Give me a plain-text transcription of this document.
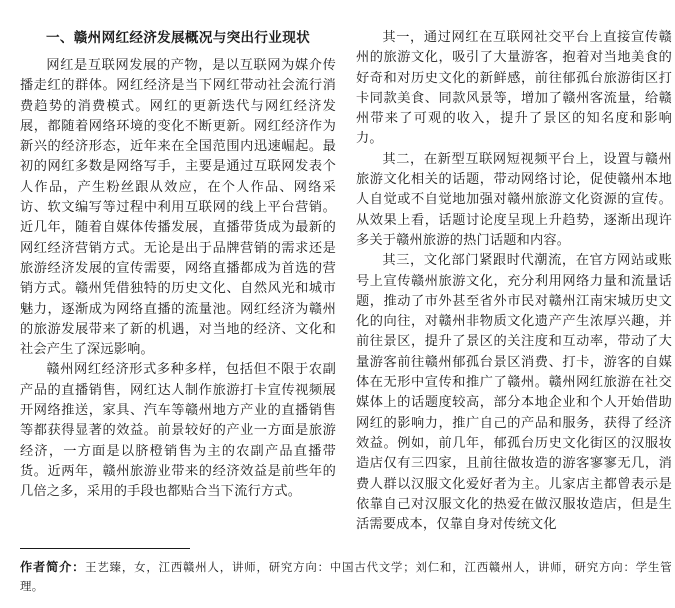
一、赣州网红经济发展概况与突出行业现状

网红是互联网发展的产物，是以互联网为媒介传播走红的群体。网红经济是当下网红带动社会流行消费趋势的消费模式。网红的更新迭代与网红经济发展，都随着网络环境的变化不断更新。网红经济作为新兴的经济形态，近年来在全国范围内迅速崛起。最初的网红多数是网络写手，主要是通过互联网发表个人作品，产生粉丝跟从效应，在个人作品、网络采访、软文编写等过程中利用互联网的线上平台营销。近几年，随着自媒体传播发展，直播带货成为最新的网红经济营销方式。无论是出于品牌营销的需求还是旅游经济发展的宣传需要，网络直播都成为首选的营销方式。赣州凭借独特的历史文化、自然风光和城市魅力，逐渐成为网络直播的流量池。网红经济为赣州的旅游发展带来了新的机遇，对当地的经济、文化和社会产生了深远影响。

赣州网红经济形式多种多样，包括但不限于农副产品的直播销售，网红达人制作旅游打卡宣传视频展开网络推送，家具、汽车等赣州地方产业的直播销售等都获得显著的效益。前景较好的产业一方面是旅游经济，一方面是以脐橙销售为主的农副产品直播带货。近两年，赣州旅游业带来的经济效益是前些年的几倍之多，采用的手段也都贴合当下流行方式。

其一，通过网红在互联网社交平台上直接宣传赣州的旅游文化，吸引了大量游客，抱着对当地美食的好奇和对历史文化的新鲜感，前往郁孤台旅游街区打卡同款美食、同款风景等，增加了赣州客流量，给赣州带来了可观的收入，提升了景区的知名度和影响力。

其二，在新型互联网短视频平台上，设置与赣州旅游文化相关的话题，带动网络讨论，促使赣州本地人自觉或不自觉地加强对赣州旅游文化资源的宣传。从效果上看，话题讨论度呈现上升趋势，逐渐出现许多关于赣州旅游的热门话题和内容。

其三，文化部门紧跟时代潮流，在官方网站或账号上宣传赣州旅游文化，充分利用网络力量和流量话题，推动了市外甚至省外市民对赣州江南宋城历史文化的向往，对赣州非物质文化遗产产生浓厚兴趣，并前往景区，提升了景区的关注度和互动率，带动了大量游客前往赣州郁孤台景区消费、打卡，游客的自媒体在无形中宣传和推广了赣州。赣州网红旅游在社交媒体上的话题度较高，部分本地企业和个人开始借助网红的影响力，推广自己的产品和服务，获得了经济效益。例如，前几年，郁孤台历史文化街区的汉服妆造店仅有三四家，且前往做妆造的游客寥寥无几，消费人群以汉服文化爱好者为主。儿家店主都曾表示是依靠自己对汉服文化的热爱在做汉服妆造店，但是生活需要成本，仅靠自身对传统文化

作者简介：王艺臻，女，江西赣州人，讲师，研究方向：中国古代文学；刘仁和，江西赣州人，讲师，研究方向：学生管理。
